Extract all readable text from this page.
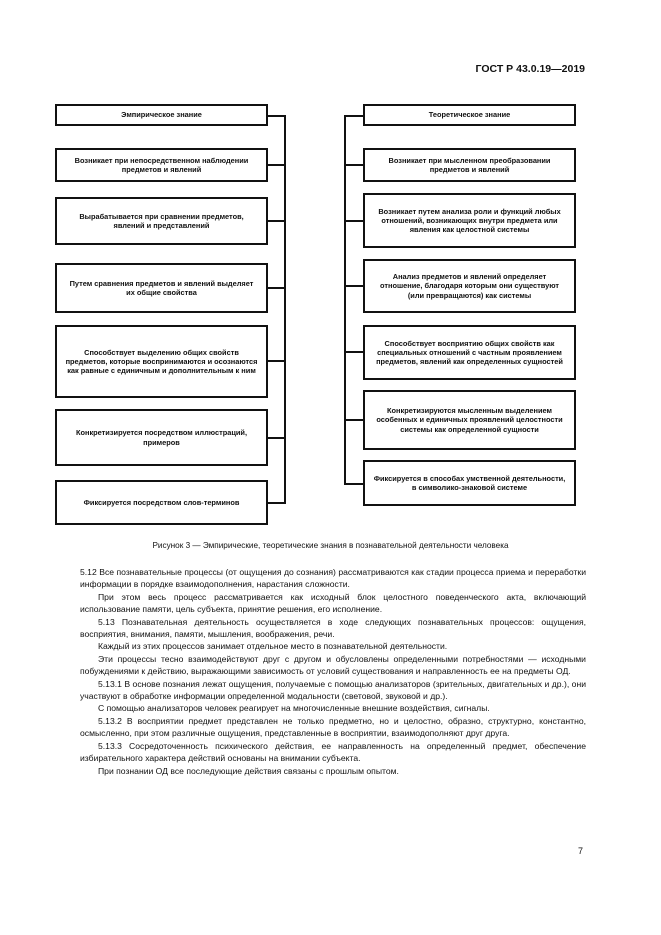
ГОСТ Р 43.0.19—2019
Эмпирическое знание
Возникает при непосредственном наблюдении предметов и явлений
Вырабатывается при сравнении предметов, явлений и представлений
Путем сравнения предметов и явлений выделяет их общие свойства
Способствует выделению общих свойств предметов, которые воспринимаются и осознаются как равные с единичным и дополнительным к ним
Конкретизируется посредством иллюстраций, примеров
Фиксируется посредством слов-терминов
Теоретическое знание
Возникает при мысленном преобразовании предметов и явлений
Возникает путем анализа роли и функций любых отношений, возникающих внутри предмета или явления как целостной системы
Анализ предметов и явлений определяет отношение, благодаря которым они существуют (или превращаются) как системы
Способствует восприятию общих свойств как специальных отношений с частным проявлением предметов, явлений как определенных сущностей
Конкретизируются мысленным выделением особенных и единичных проявлений целостности системы как определенной сущности
Фиксируется в способах умственной деятельности, в символико-знаковой системе
Рисунок 3 — Эмпирические, теоретические знания в познавательной деятельности человека

5.12 Все познавательные процессы (от ощущения до сознания) рассматриваются как стадии процесса приема и переработки информации в порядке взаимодополнения, нарастания сложности.

При этом весь процесс рассматривается как исходный блок целостного поведенческого акта, включающий использование памяти, цель субъекта, принятие решения, его исполнение.

5.13 Познавательная деятельность осуществляется в ходе следующих познавательных процессов: ощущения, восприятия, внимания, памяти, мышления, воображения, речи.

Каждый из этих процессов занимает отдельное место в познавательной деятельности.

Эти процессы тесно взаимодействуют друг с другом и обусловлены определенными потребностями — исходными побуждениями к действию, выражающими зависимость от условий существования и направленность ее на предметы ОД.

5.13.1 В основе познания лежат ощущения, получаемые с помощью анализаторов (зрительных, двигательных и др.), они участвуют в обработке информации определенной модальности (световой, звуковой и др.).

С помощью анализаторов человек реагирует на многочисленные внешние воздействия, сигналы.

5.13.2 В восприятии предмет представлен не только предметно, но и целостно, образно, структурно, константно, осмысленно, при этом различные ощущения, представленные в восприятии, взаимодополняют друг друга.

5.13.3 Сосредоточенность психического действия, ее направленность на определенный предмет, обеспечение избирательного характера действий основаны на внимании субъекта.

При познании ОД все последующие действия связаны с прошлым опытом.

7
